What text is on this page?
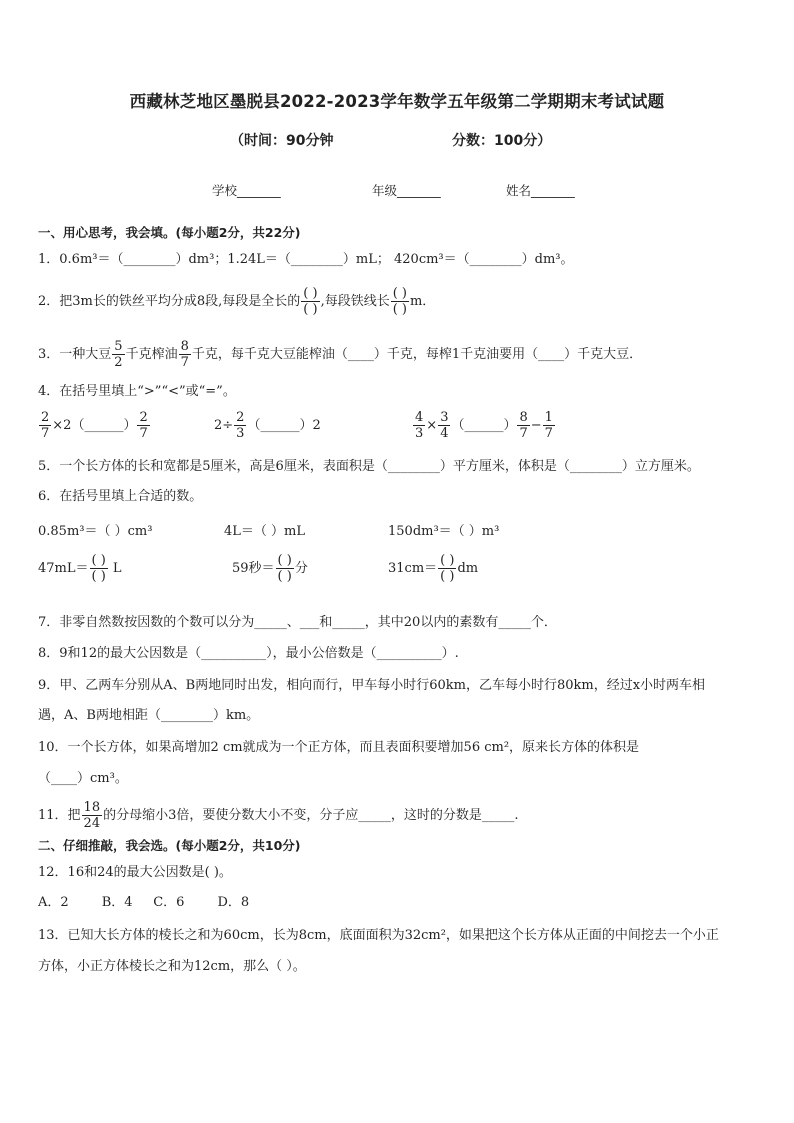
西藏林芝地区墨脱县2022-2023学年数学五年级第二学期期末考试试题
（时间：90分钟	分数：100分）
学校_______	年级_______	姓名_______
一、用心思考，我会填。(每小题2分，共22分)
1．0.6m³＝（________）dm³；1.24L＝（________）mL； 420cm³＝（________）dm³。
2．把3m长的铁丝平均分成8段,每段是全长的 $\frac{( )}{( )}$ ,每段铁线长 $\frac{( )}{( )}$ m．
3．一种大豆 $\frac{5}{2}$ 千克榨油 $\frac{8}{7}$ 千克，每千克大豆能榨油（____）千克，每榨1千克油要用（____）千克大豆．
4．在括号里填上“>”“<”或“=”。
$\frac{2}{7}$ ×2（______） $\frac{2}{7}$	$2\div \frac{2}{3}$ （______）2	$\frac{4}{3} \times \frac{3}{4}$ （______） $\frac{8}{7} - \frac{1}{7}$
5．一个长方体的长和宽都是5厘米，高是6厘米，表面积是（________）平方厘米，体积是（________）立方厘米。
6．在括号里填上合适的数。
0.85m³＝（ ）cm³	4L＝（ ）mL	150dm³＝（ ）m³
$47mL= \frac{( )}{( )}$ L	59秒＝ $\frac{( )}{( )}$ 分	$31cm= \frac{( )}{( )}$ dm
7．非零自然数按因数的个数可以分为_____、___和_____，其中20以内的素数有_____个．
8．9和12的最大公因数是（__________），最小公倍数是（__________）.
9．甲、乙两车分别从A、B两地同时出发，相向而行，甲车每小时行60km，乙车每小时行80km，经过x小时两车相
遇，A、B两地相距（________）km。
10．一个长方体，如果高增加2 cm就成为一个正方体，而且表面积要增加56 cm²，原来长方体的体积是
（____）cm³。
11．把 $\frac{18}{24}$ 的分母缩小3倍，要使分数大小不变，分子应_____，这时的分数是_____.
二、仔细推敲，我会选。(每小题2分，共10分)
12．16和24的最大公因数是( )。
A．2        B．4     C．6        D．8
13．已知大长方体的棱长之和为60cm，长为8cm，底面面积为32cm²，如果把这个长方体从正面的中间挖去一个小正
方体，小正方体棱长之和为12cm，那么（ ）。
